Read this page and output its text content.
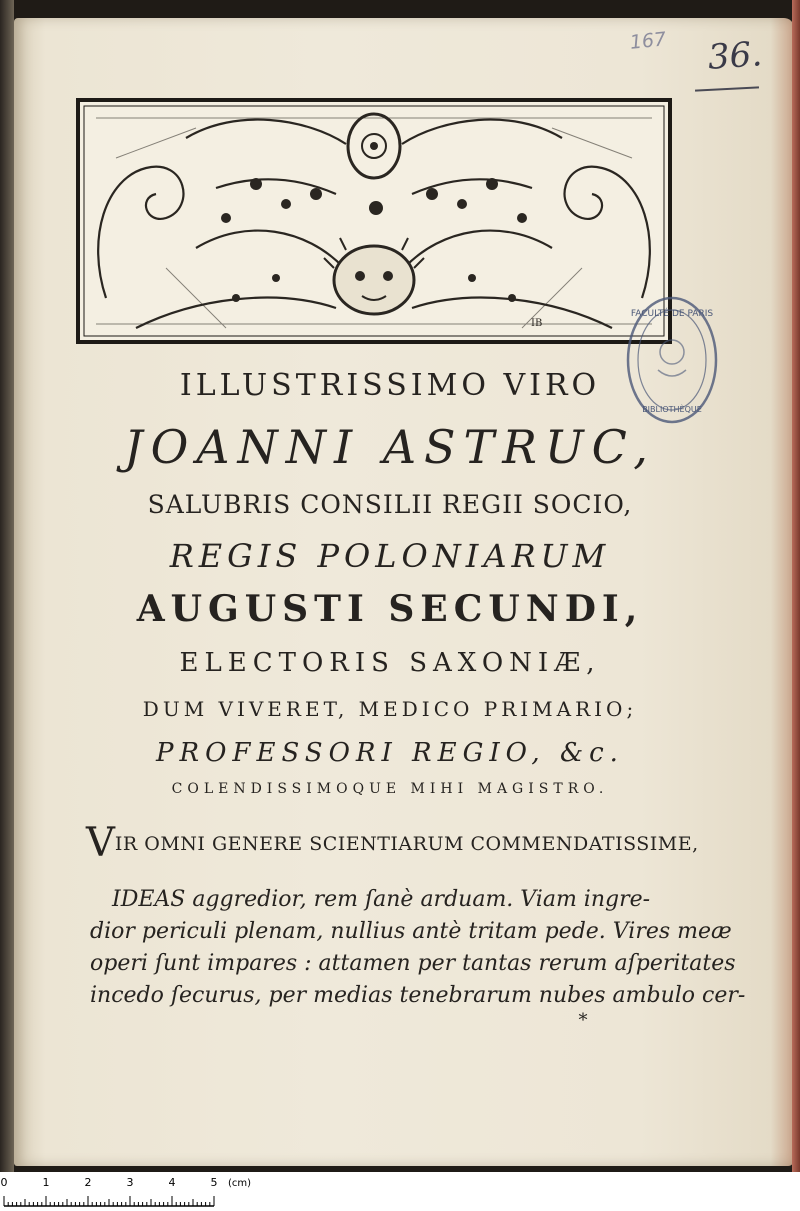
167	36.
IB
FACULTÉ DE PARIS
BIBLIOTHÈQUE
ILLUSTRISSIMO VIRO
JOANNI ASTRUC,
SALUBRIS CONSILII REGII SOCIO,
REGIS POLONIARUM
AUGUSTI SECUNDI,
ELECTORIS SAXONIÆ,
DUM VIVERET, MEDICO PRIMARIO;
PROFESSORI REGIO, &c.
COLENDISSIMOQUE MIHI MAGISTRO.
VIR OMNI GENERE SCIENTIARUM COMMENDATISSIME,

IDEAS aggredior, rem ſanè arduam. Viam ingre-

dior periculi plenam, nullius antè tritam pede. Vires meæ

operi ſunt impares : attamen per tantas rerum aſperitates

incedo ſecurus, per medias tenebrarum nubes ambulo cer-

*
0	1	2	3	4	5 (cm)
